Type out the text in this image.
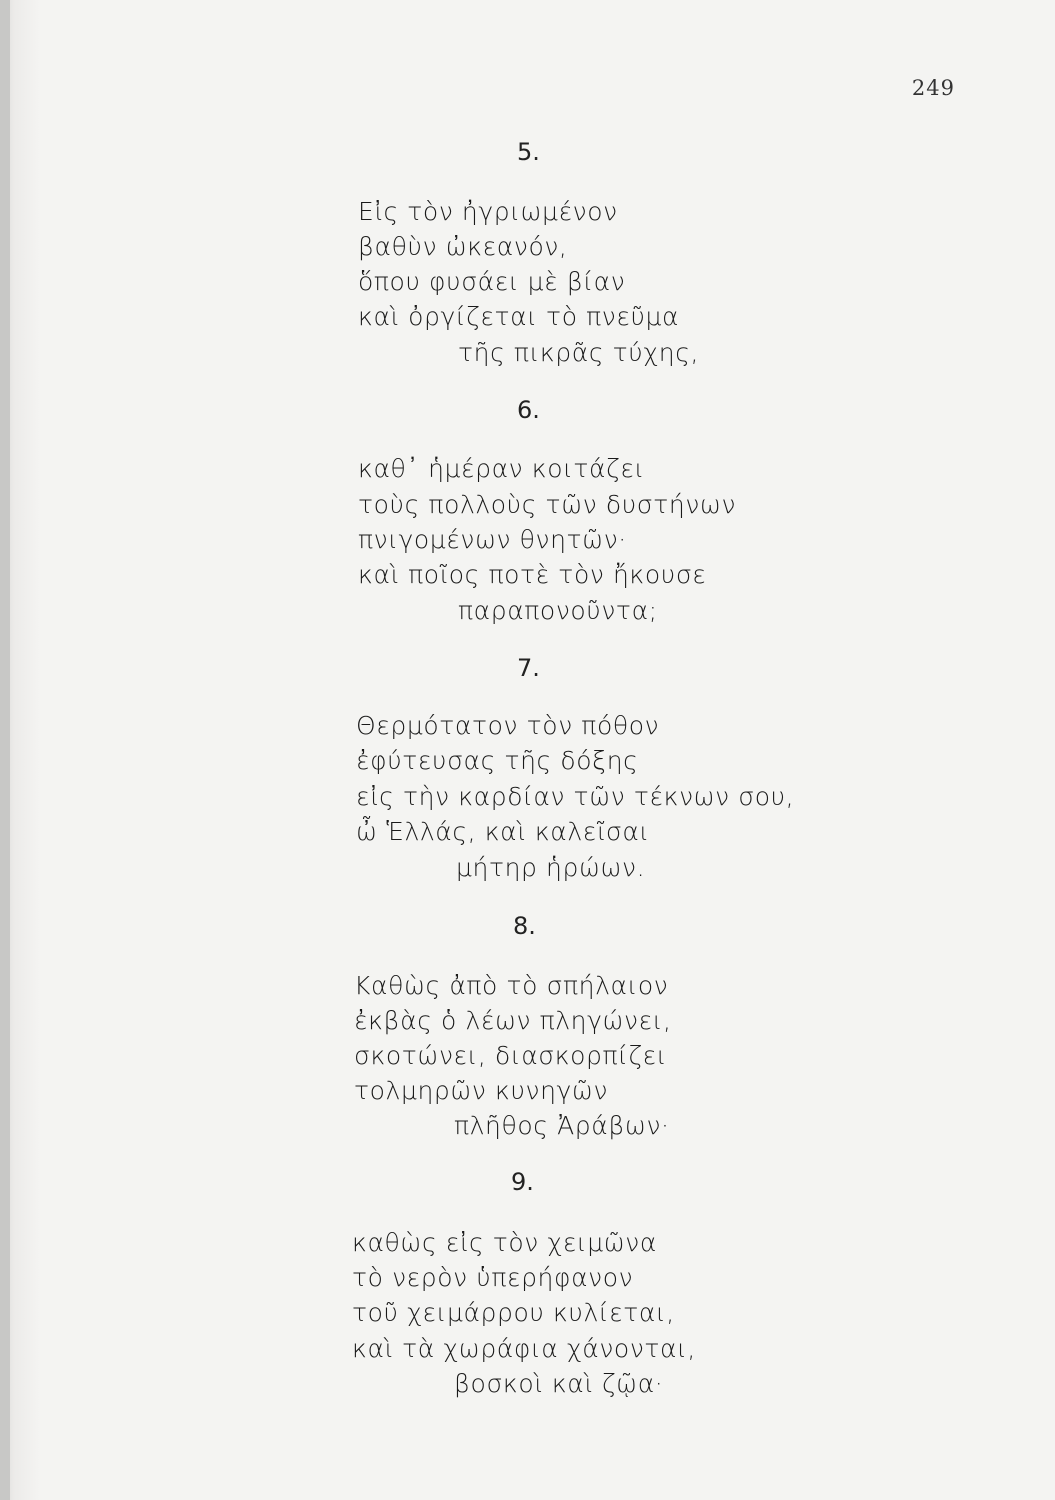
249
5.
Εἰς τὸν ἠγριωμένον
βαθὺν ὠκεανόν,
ὅπου φυσάει μὲ βίαν
καὶ ὀργίζεται τὸ πνεῦμα
τῆς πικρᾶς τύχης,
6.
καθ᾽ ἡμέραν κοιτάζει
τοὺς πολλοὺς τῶν δυστήνων
πνιγομένων θνητῶν·
καὶ ποῖος ποτὲ τὸν ἤκουσε
παραπονοῦντα;
7.
Θερμότατον τὸν πόθον
ἐφύτευσας τῆς δόξης
εἰς τὴν καρδίαν τῶν τέκνων σου,
ὦ Ἑλλάς, καὶ καλεῖσαι
μήτηρ ἡρώων.
8.
Καθὼς ἀπὸ τὸ σπήλαιον
ἐκβὰς ὁ λέων πληγώνει,
σκοτώνει, διασκορπίζει
τολμηρῶν κυνηγῶν
πλῆθος Ἀράβων·
9.
καθὼς εἰς τὸν χειμῶνα
τὸ νερὸν ὑπερήφανον
τοῦ χειμάρρου κυλίεται,
καὶ τὰ χωράφια χάνονται,
βοσκοὶ καὶ ζῷα·
